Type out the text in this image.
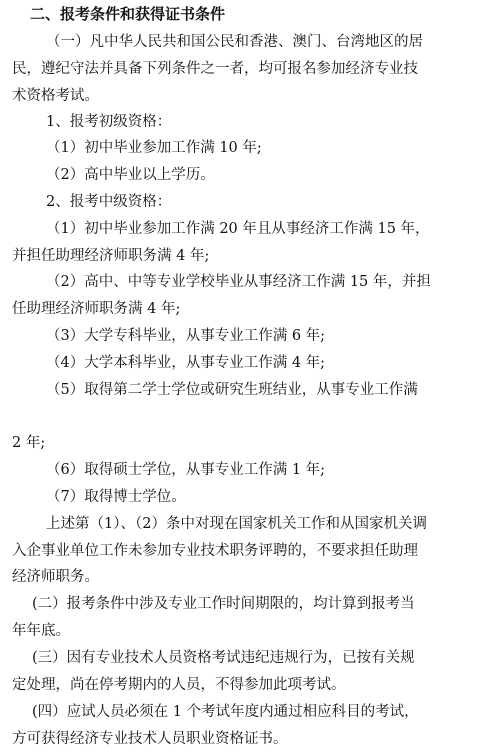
二、报考条件和获得证书条件
（一）凡中华人民共和国公民和香港、澳门、台湾地区的居
民，遵纪守法并具备下列条件之一者，均可报名参加经济专业技
术资格考试。
1、报考初级资格：
（1）初中毕业参加工作满 10 年;
（2）高中毕业以上学历。
2、报考中级资格：
（1）初中毕业参加工作满 20 年且从事经济工作满 15 年，
并担任助理经济师职务满 4 年;
（2）高中、中等专业学校毕业从事经济工作满 15 年，并担
任助理经济师职务满 4 年;
（3）大学专科毕业，从事专业工作满 6 年;
（4）大学本科毕业，从事专业工作满 4 年;
（5）取得第二学士学位或研究生班结业，从事专业工作满
2 年;
（6）取得硕士学位，从事专业工作满 1 年;
（7）取得博士学位。
上述第（1）、（2）条中对现在国家机关工作和从国家机关调
入企事业单位工作未参加专业技术职务评聘的，不要求担任助理
经济师职务。
(二）报考条件中涉及专业工作时间期限的，均计算到报考当
年年底。
(三）因有专业技术人员资格考试违纪违规行为，已按有关规
定处理，尚在停考期内的人员，不得参加此项考试。
(四）应试人员必须在 1 个考试年度内通过相应科目的考试，
方可获得经济专业技术人员职业资格证书。
